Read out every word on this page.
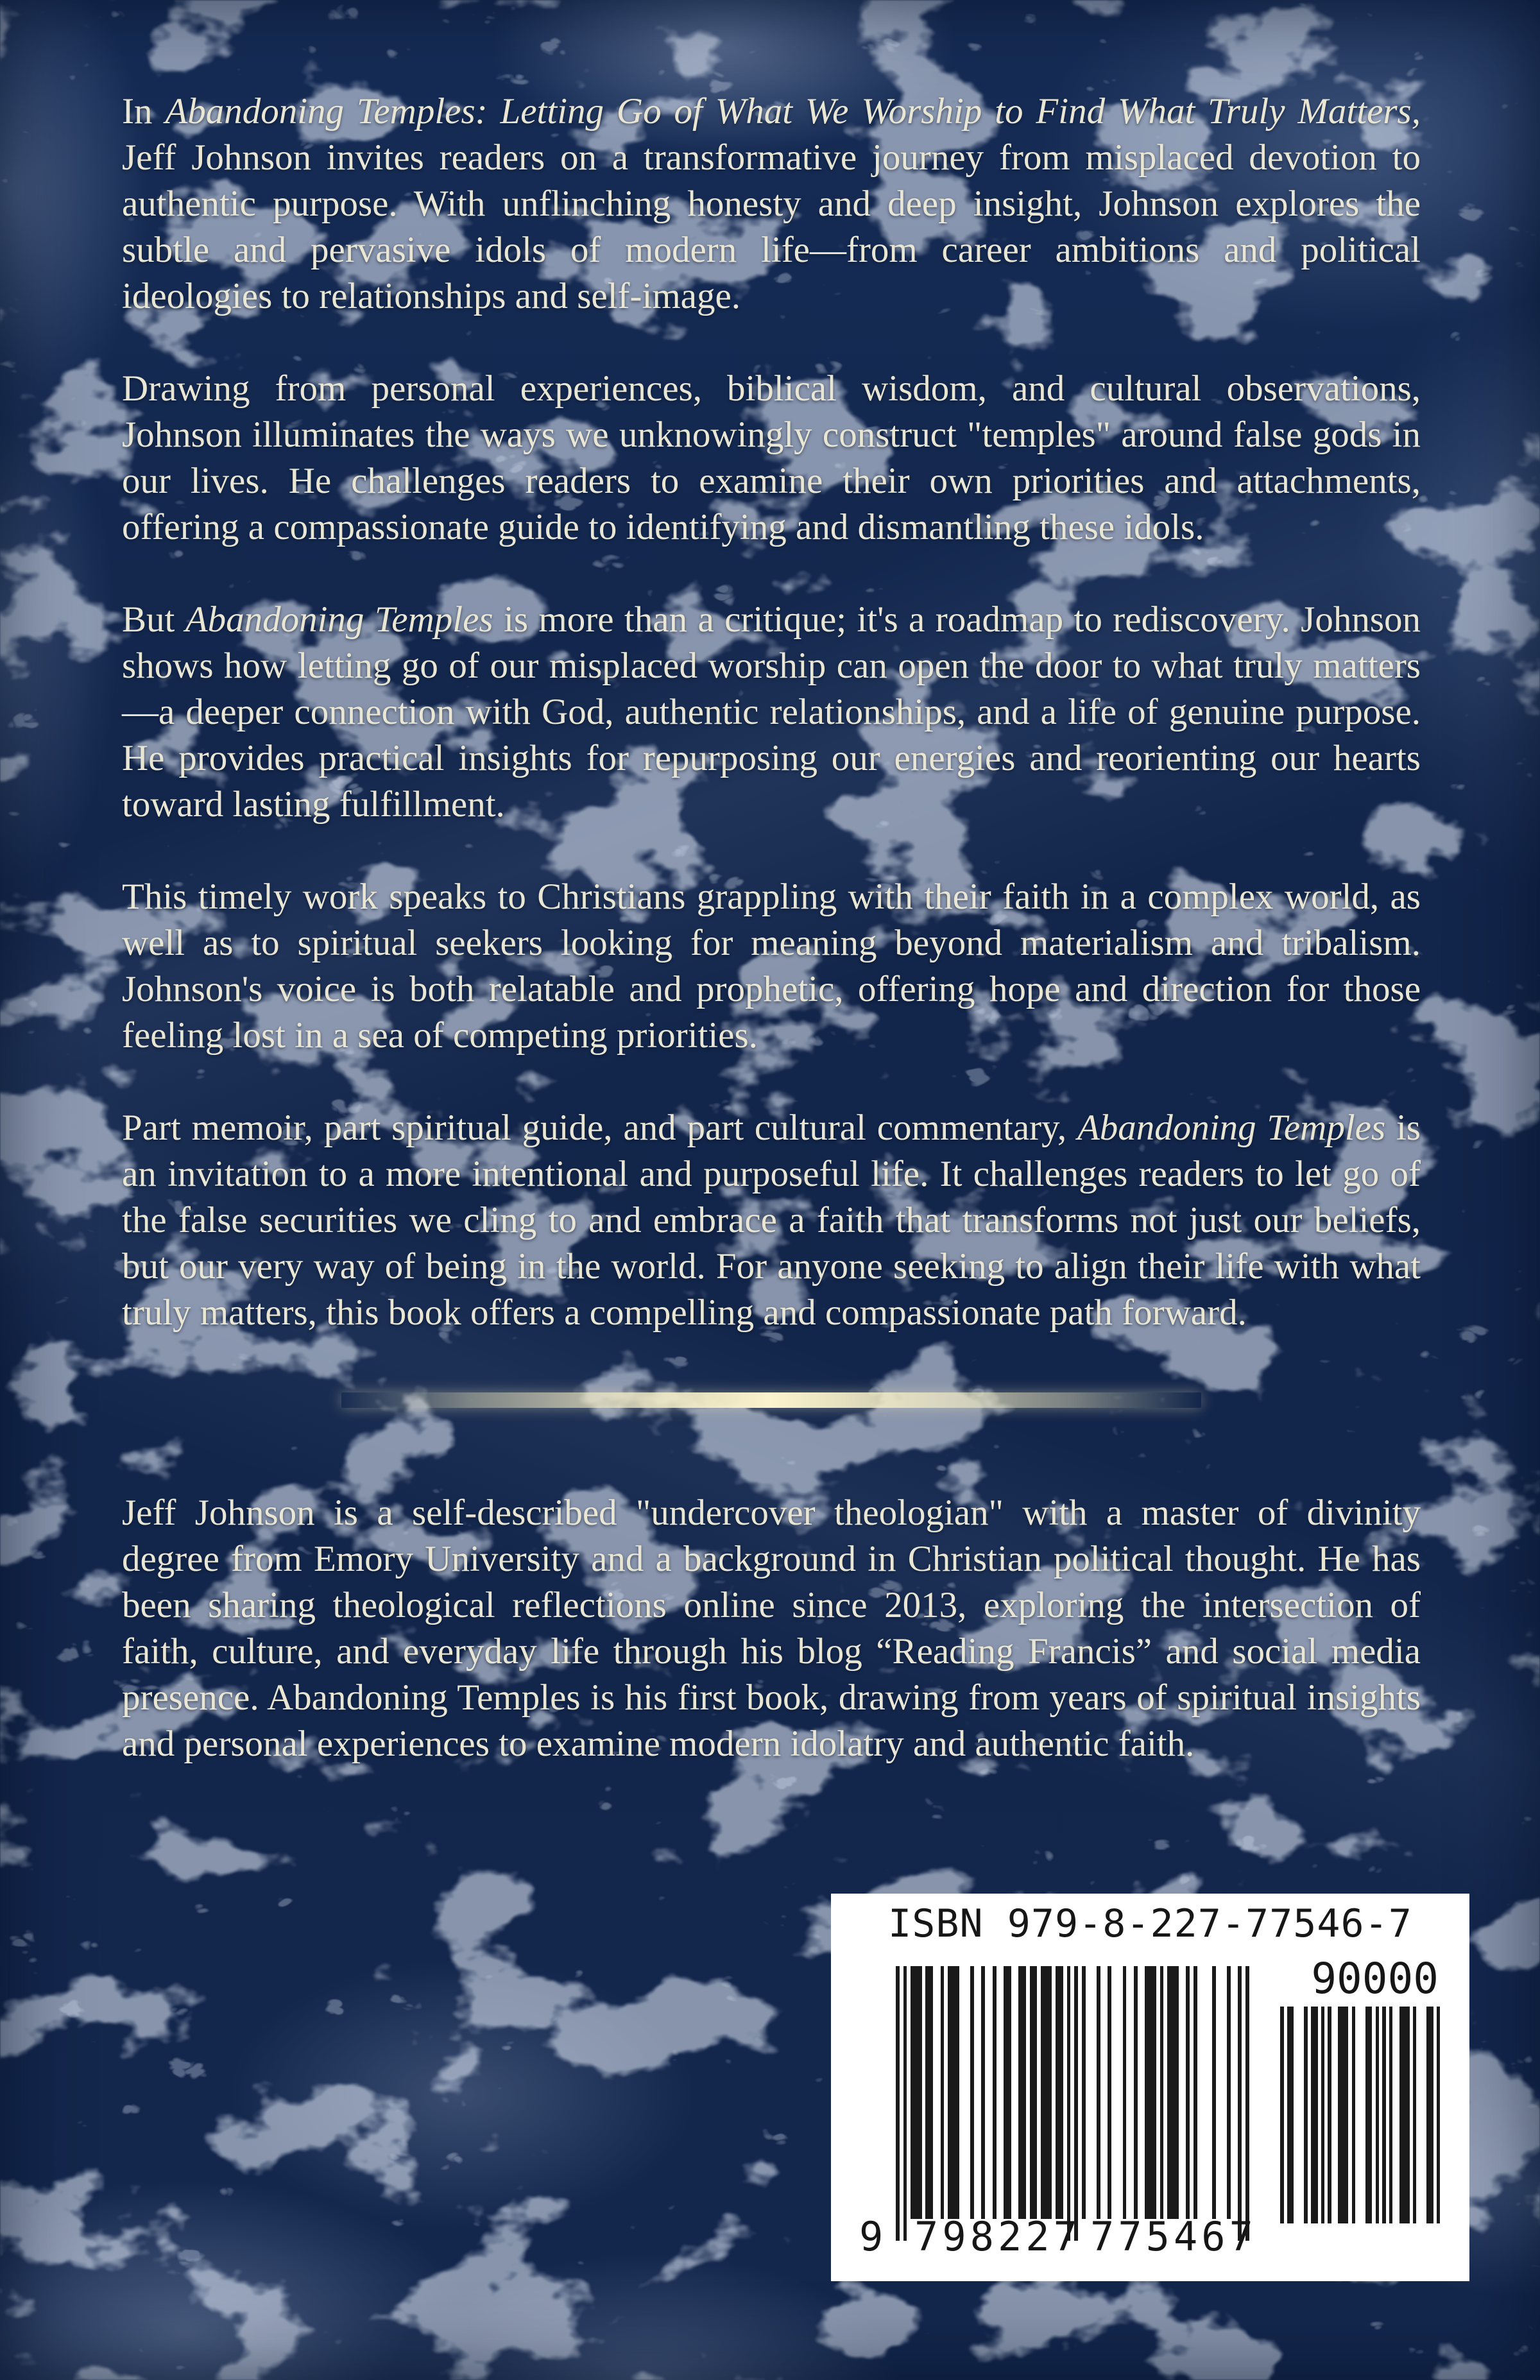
In Abandoning Temples: Letting Go of What We Worship to Find What Truly Matters, Jeff Johnson invites readers on a transformative journey from misplaced devotion to authentic purpose. With unflinching honesty and deep insight, Johnson explores the subtle and pervasive idols of modern life—from career ambitions and political ideologies to relationships and self-image.

Drawing from personal experiences, biblical wisdom, and cultural observations, Johnson illuminates the ways we unknowingly construct "temples" around false gods in our lives. He challenges readers to examine their own priorities and attachments, offering a compassionate guide to identifying and dismantling these idols.

But Abandoning Temples is more than a critique; it's a roadmap to rediscovery. Johnson shows how letting go of our misplaced worship can open the door to what truly matters—a deeper connection with God, authentic relationships, and a life of genuine purpose. He provides practical insights for repurposing our energies and reorienting our hearts toward lasting fulfillment.

This timely work speaks to Christians grappling with their faith in a complex world, as well as to spiritual seekers looking for meaning beyond materialism and tribalism. Johnson's voice is both relatable and prophetic, offering hope and direction for those feeling lost in a sea of competing priorities.

Part memoir, part spiritual guide, and part cultural commentary, Abandoning Temples is an invitation to a more intentional and purposeful life. It challenges readers to let go of the false securities we cling to and embrace a faith that transforms not just our beliefs, but our very way of being in the world. For anyone seeking to align their life with what truly matters, this book offers a compelling and compassionate path forward.

Jeff Johnson is a self-described "undercover theologian" with a master of divinity degree from Emory University and a background in Christian political thought. He has been sharing theological reflections online since 2013, exploring the intersection of faith, culture, and everyday life through his blog “Reading Francis” and social media presence. Abandoning Temples is his first book, drawing from years of spiritual insights and personal experiences to examine modern idolatry and authentic faith.

ISBN 979-8-227-77546-7
90000
9 798227 775467
